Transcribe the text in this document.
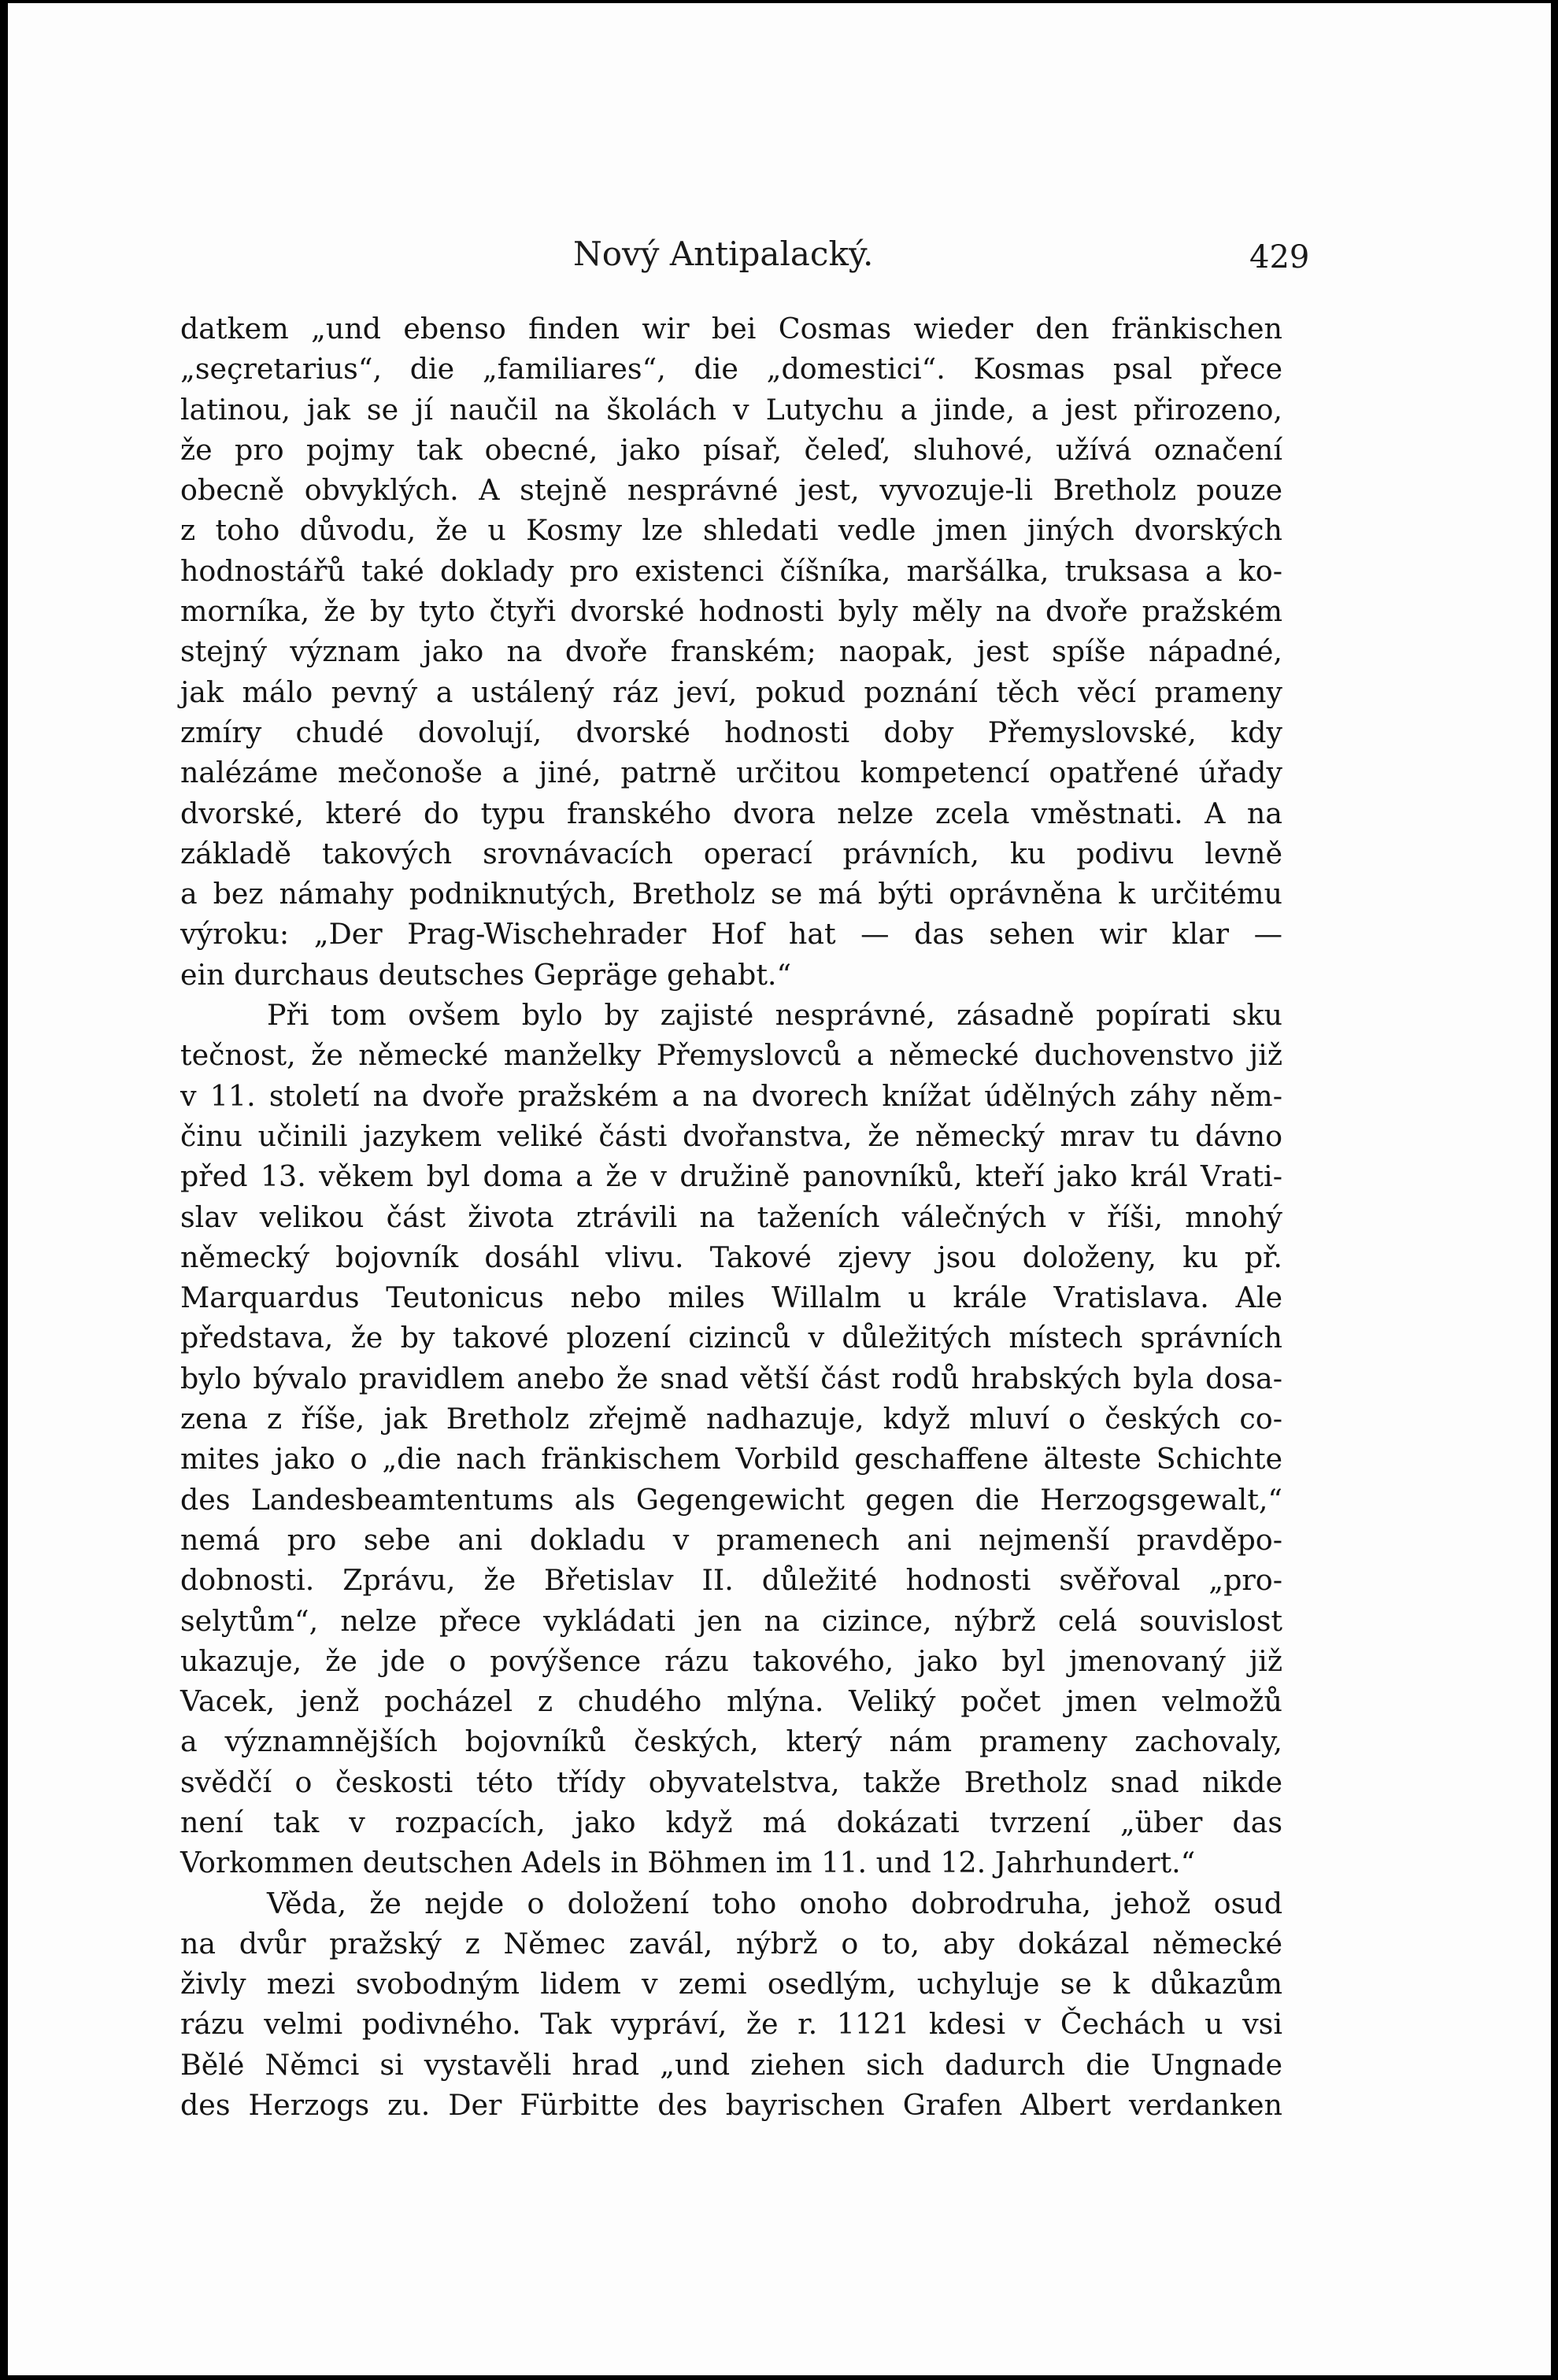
Nový Antipalacký.	429

datkem „und ebenso finden wir bei Cosmas wieder den fränkischen
„seçretarius“, die „familiares“, die „domestici“. Kosmas psal přece
latinou, jak se jí naučil na školách v Lutychu a jinde, a jest přirozeno,
že pro pojmy tak obecné, jako písař, čeleď, sluhové, užívá označení
obecně obvyklých. A stejně nesprávné jest, vyvozuje-li Bretholz pouze
z toho důvodu, že u Kosmy lze shledati vedle jmen jiných dvorských
hodnostářů také doklady pro existenci číšníka, maršálka, truksasa a ko-
morníka, že by tyto čtyři dvorské hodnosti byly měly na dvoře pražském
stejný význam jako na dvoře franském; naopak, jest spíše nápadné,
jak málo pevný a ustálený ráz jeví, pokud poznání těch věcí prameny
zmíry chudé dovolují, dvorské hodnosti doby Přemyslovské, kdy
nalézáme mečonoše a jiné, patrně určitou kompetencí opatřené úřady
dvorské, které do typu franského dvora nelze zcela vměstnati. A na
základě takových srovnávacích operací právních, ku podivu levně
a bez námahy podniknutých, Bretholz se má býti oprávněna k určitému
výroku: „Der Prag-Wischehrader Hof hat — das sehen wir klar —
ein durchaus deutsches Gepräge gehabt.“

Při tom ovšem bylo by zajisté nesprávné, zásadně popírati sku
tečnost, že německé manželky Přemyslovců a německé duchovenstvo již
v 11. století na dvoře pražském a na dvorech knížat údělných záhy něm-
činu učinili jazykem veliké části dvořanstva, že německý mrav tu dávno
před 13. věkem byl doma a že v družině panovníků, kteří jako král Vrati-
slav velikou část života ztrávili na taženích válečných v říši, mnohý
německý bojovník dosáhl vlivu. Takové zjevy jsou doloženy, ku př.
Marquardus Teutonicus nebo miles Willalm u krále Vratislava. Ale
představa, že by takové plození cizinců v důležitých místech správních
bylo bývalo pravidlem anebo že snad větší část rodů hrabských byla dosa-
zena z říše, jak Bretholz zřejmě nadhazuje, když mluví o českých co-
mites jako o „die nach fränkischem Vorbild geschaffene älteste Schichte
des Landesbeamtentums als Gegengewicht gegen die Herzogsgewalt,“
nemá pro sebe ani dokladu v pramenech ani nejmenší pravděpo-
dobnosti. Zprávu, že Břetislav II. důležité hodnosti svěřoval „pro-
selytům“, nelze přece vykládati jen na cizince, nýbrž celá souvislost
ukazuje, že jde o povýšence rázu takového, jako byl jmenovaný již
Vacek, jenž pocházel z chudého mlýna. Veliký počet jmen velmožů
a významnějších bojovníků českých, který nám prameny zachovaly,
svědčí o českosti této třídy obyvatelstva, takže Bretholz snad nikde
není tak v rozpacích, jako když má dokázati tvrzení „über das
Vorkommen deutschen Adels in Böhmen im 11. und 12. Jahrhundert.“

Věda, že nejde o doložení toho onoho dobrodruha, jehož osud
na dvůr pražský z Němec zavál, nýbrž o to, aby dokázal německé
živly mezi svobodným lidem v zemi osedlým, uchyluje se k důkazům
rázu velmi podivného. Tak vypráví, že r. 1121 kdesi v Čechách u vsi
Bělé Němci si vystavěli hrad „und ziehen sich dadurch die Ungnade
des Herzogs zu. Der Fürbitte des bayrischen Grafen Albert verdanken
